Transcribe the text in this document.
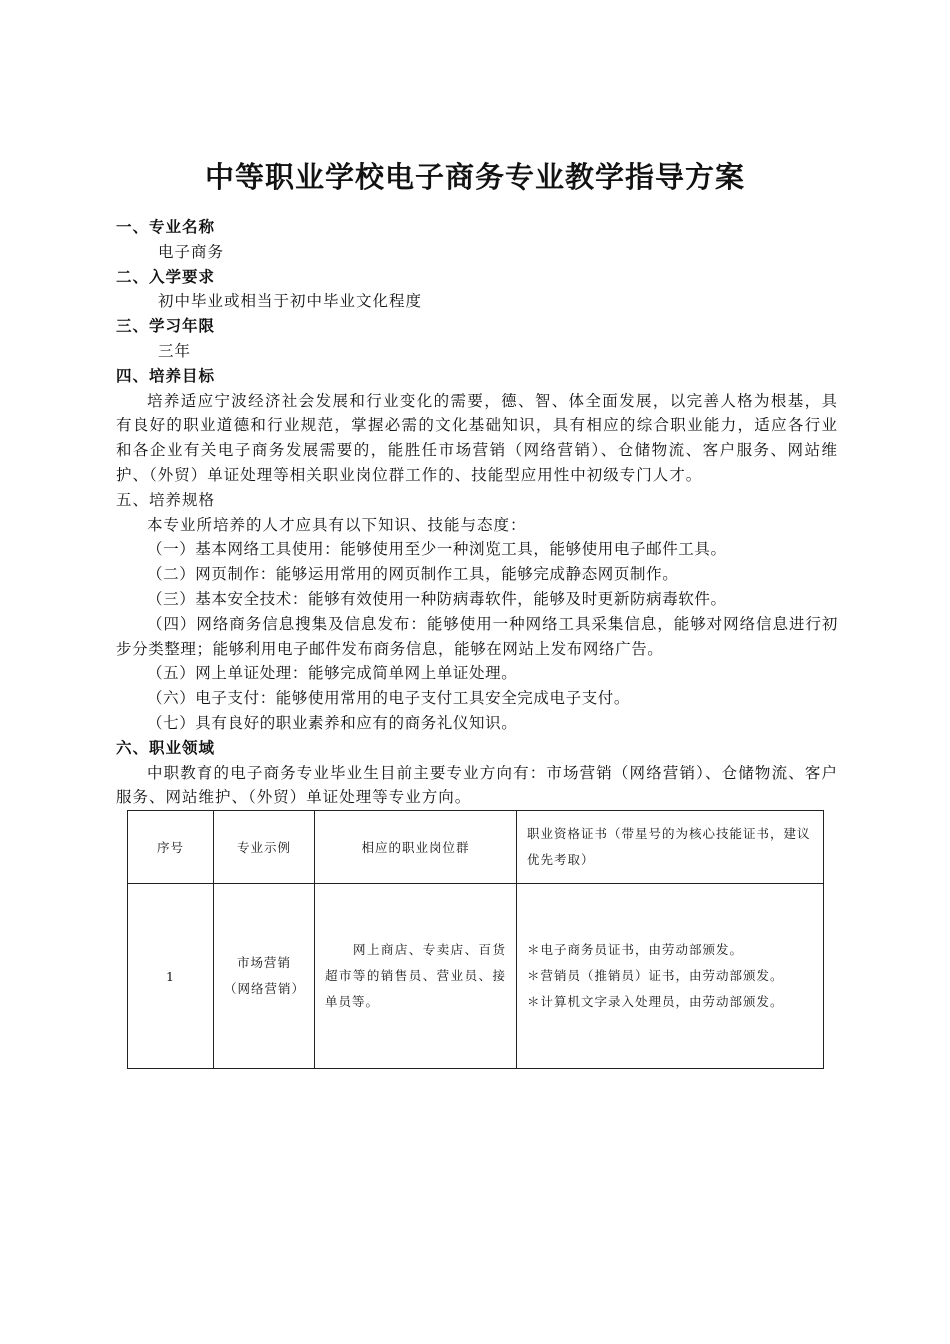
中等职业学校电子商务专业教学指导方案
一、专业名称
电子商务
二、入学要求
初中毕业或相当于初中毕业文化程度
三、学习年限
三年
四、培养目标
培养适应宁波经济社会发展和行业变化的需要，德、智、体全面发展，以完善人格为根基，具有良好的职业道德和行业规范，掌握必需的文化基础知识，具有相应的综合职业能力，适应各行业和各企业有关电子商务发展需要的，能胜任市场营销（网络营销）、仓储物流、客户服务、网站维护、（外贸）单证处理等相关职业岗位群工作的、技能型应用性中初级专门人才。
五、培养规格
本专业所培养的人才应具有以下知识、技能与态度：
（一）基本网络工具使用：能够使用至少一种浏览工具，能够使用电子邮件工具。
（二）网页制作：能够运用常用的网页制作工具，能够完成静态网页制作。
（三）基本安全技术：能够有效使用一种防病毒软件，能够及时更新防病毒软件。
（四）网络商务信息搜集及信息发布：能够使用一种网络工具采集信息，能够对网络信息进行初步分类整理；能够利用电子邮件发布商务信息，能够在网站上发布网络广告。
（五）网上单证处理：能够完成简单网上单证处理。
（六）电子支付：能够使用常用的电子支付工具安全完成电子支付。
（七）具有良好的职业素养和应有的商务礼仪知识。
六、职业领域
中职教育的电子商务专业毕业生目前主要专业方向有：市场营销（网络营销）、仓储物流、客户服务、网站维护、（外贸）单证处理等专业方向。
序号	专业示例	相应的职业岗位群	职业资格证书（带星号的为核心技能证书，建议优先考取）
1	市场营销（网络营销）	网上商店、专卖店、百货超市等的销售员、营业员、接单员等。	＊电子商务员证书，由劳动部颁发。
＊营销员（推销员）证书，由劳动部颁发。
＊计算机文字录入处理员，由劳动部颁发。
